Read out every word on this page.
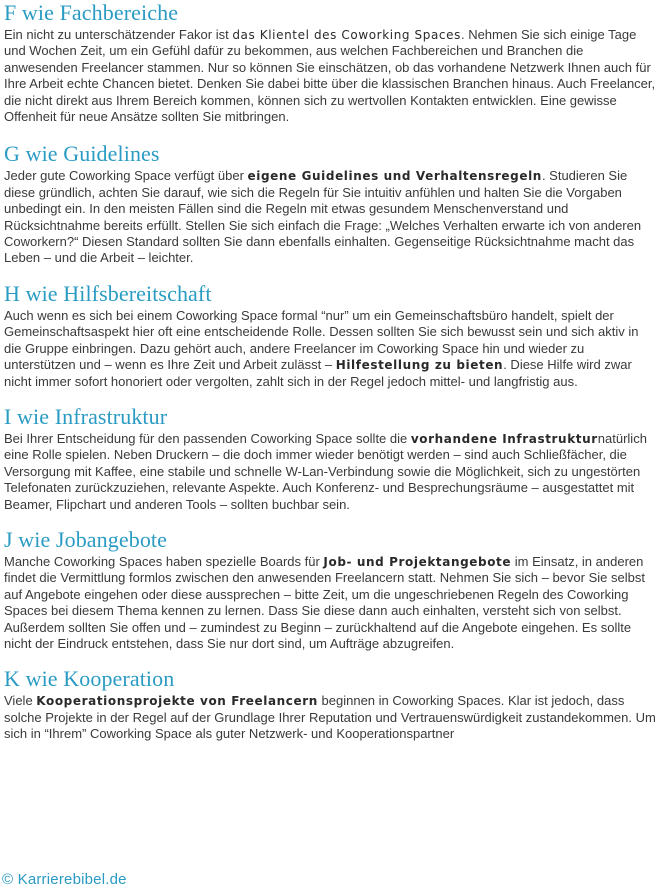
F wie Fachbereiche

Ein nicht zu unterschätzender Fakor ist das Klientel des Coworking Spaces. Nehmen Sie sich einige Tage und Wochen Zeit, um ein Gefühl dafür zu bekommen, aus welchen Fachbereichen und Branchen die anwesenden Freelancer stammen. Nur so können Sie einschätzen, ob das vorhandene Netzwerk Ihnen auch für Ihre Arbeit echte Chancen bietet. Denken Sie dabei bitte über die klassischen Branchen hinaus. Auch Freelancer, die nicht direkt aus Ihrem Bereich kommen, können sich zu wertvollen Kontakten entwicklen. Eine gewisse Offenheit für neue Ansätze sollten Sie mitbringen.

G wie Guidelines

Jeder gute Coworking Space verfügt über eigene Guidelines und Verhaltensregeln. Studieren Sie diese gründlich, achten Sie darauf, wie sich die Regeln für Sie intuitiv anfühlen und halten Sie die Vorgaben unbedingt ein. In den meisten Fällen sind die Regeln mit etwas gesundem Menschenverstand und Rücksichtnahme bereits erfüllt. Stellen Sie sich einfach die Frage: „Welches Verhalten erwarte ich von anderen Coworkern?“ Diesen Standard sollten Sie dann ebenfalls einhalten. Gegenseitige Rücksichtnahme macht das Leben – und die Arbeit – leichter.

H wie Hilfsbereitschaft

Auch wenn es sich bei einem Coworking Space formal “nur” um ein Gemeinschaftsbüro handelt, spielt der Gemeinschaftsaspekt hier oft eine entscheidende Rolle. Dessen sollten Sie sich bewusst sein und sich aktiv in die Gruppe einbringen. Dazu gehört auch, andere Freelancer im Coworking Space hin und wieder zu unterstützen und – wenn es Ihre Zeit und Arbeit zulässt – Hilfestellung zu bieten. Diese Hilfe wird zwar nicht immer sofort honoriert oder vergolten, zahlt sich in der Regel jedoch mittel- und langfristig aus.

I wie Infrastruktur

Bei Ihrer Entscheidung für den passenden Coworking Space sollte die vorhandene Infrastrukturnatürlich eine Rolle spielen. Neben Druckern – die doch immer wieder benötigt werden – sind auch Schließfächer, die Versorgung mit Kaffee, eine stabile und schnelle W-Lan-Verbindung sowie die Möglichkeit, sich zu ungestörten Telefonaten zurückzuziehen, relevante Aspekte. Auch Konferenz- und Besprechungsräume – ausgestattet mit Beamer, Flipchart und anderen Tools – sollten buchbar sein.

J wie Jobangebote

Manche Coworking Spaces haben spezielle Boards für Job- und Projektangebote im Einsatz, in anderen findet die Vermittlung formlos zwischen den anwesenden Freelancern statt. Nehmen Sie sich – bevor Sie selbst auf Angebote eingehen oder diese aussprechen – bitte Zeit, um die ungeschriebenen Regeln des Coworking Spaces bei diesem Thema kennen zu lernen. Dass Sie diese dann auch einhalten, versteht sich von selbst. Außerdem sollten Sie offen und – zumindest zu Beginn – zurückhaltend auf die Angebote eingehen. Es sollte nicht der Eindruck entstehen, dass Sie nur dort sind, um Aufträge abzugreifen.

K wie Kooperation

Viele Kooperationsprojekte von Freelancern beginnen in Coworking Spaces. Klar ist jedoch, dass solche Projekte in der Regel auf der Grundlage Ihrer Reputation und Vertrauenswürdigkeit zustandekommen. Um sich in “Ihrem” Coworking Space als guter Netzwerk- und Kooperationspartner

© Karrierebibel.de
